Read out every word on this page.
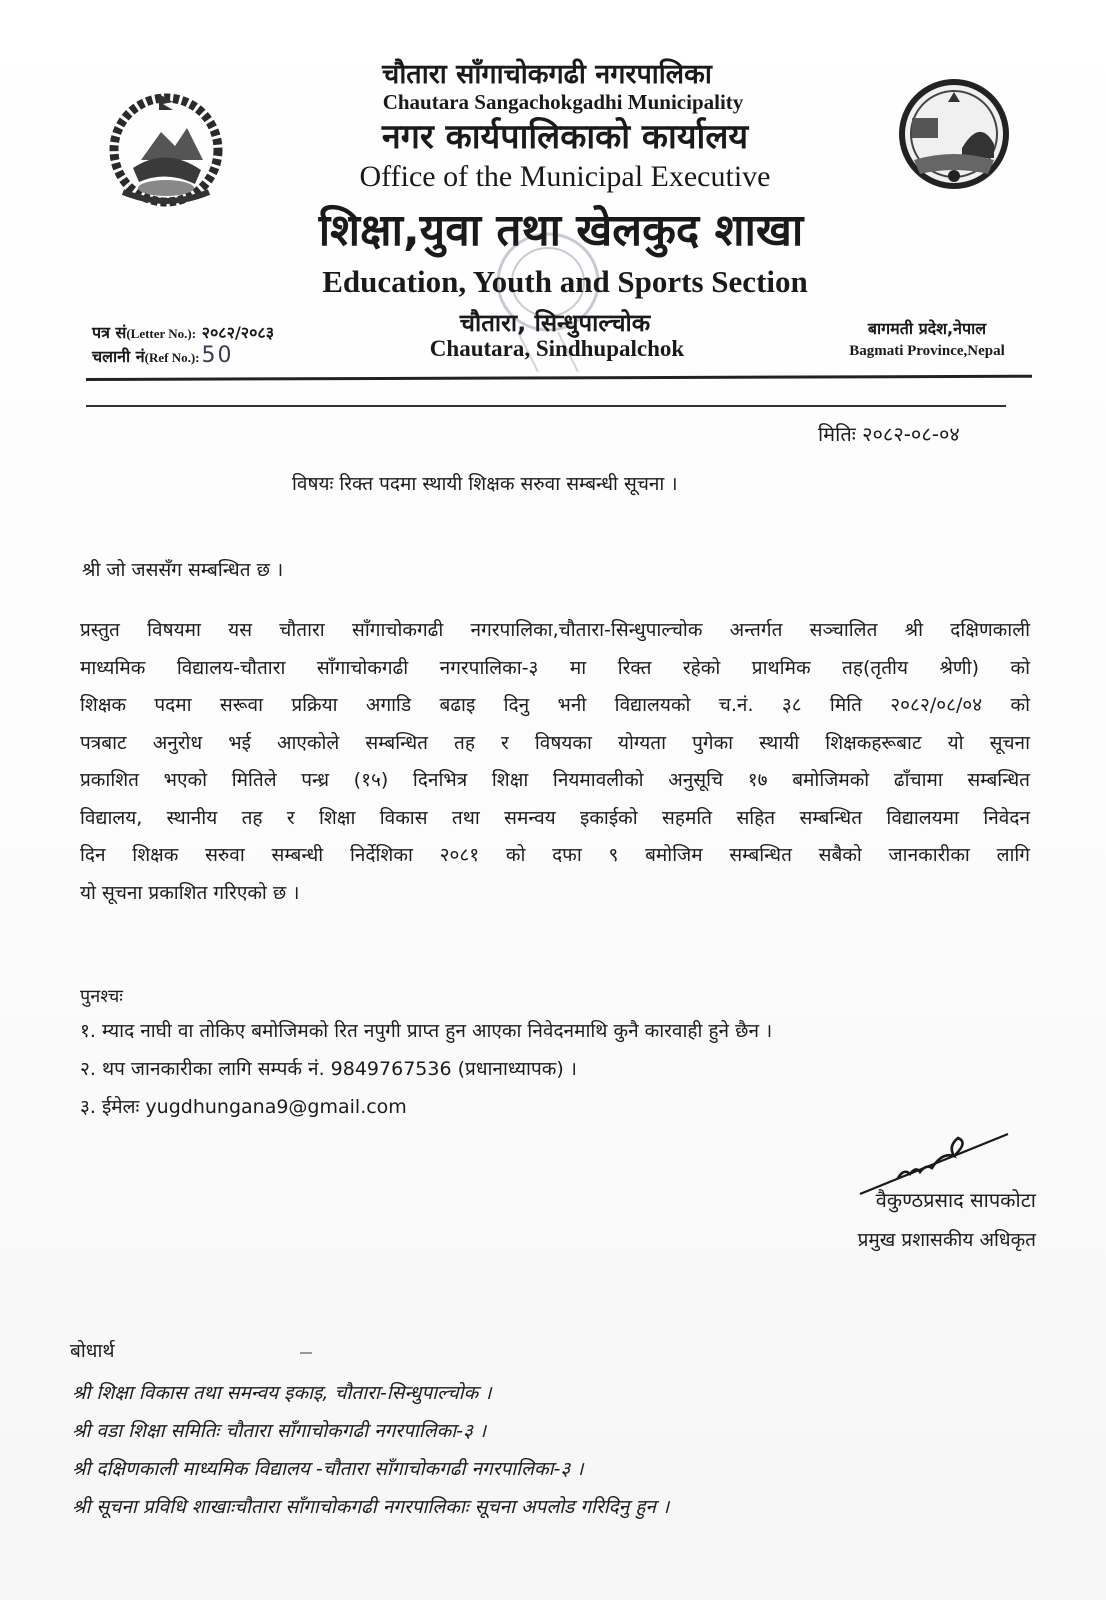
चौतारा साँगाचोकगढी नगरपालिका
Chautara Sangachokgadhi Municipality
नगर कार्यपालिकाको कार्यालय
Office of the Municipal Executive
शिक्षा,युवा तथा खेलकुद शाखा
Education, Youth and Sports Section
चौतारा, सिन्धुपाल्चोक
Chautara, Sindhupalchok
पत्र सं(Letter No.): २०८२/२०८३
चलानी नं(Ref No.):50
बागमती प्रदेश,नेपाल
Bagmati Province,Nepal
मितिः २०८२-०८-०४
विषयः रिक्त पदमा स्थायी शिक्षक सरुवा सम्बन्धी सूचना ।
श्री जो जससँग सम्बन्धित छ ।
प्रस्तुत विषयमा यस चौतारा साँगाचोकगढी नगरपालिका,चौतारा-सिन्धुपाल्चोक अन्तर्गत सञ्चालित श्री दक्षिणकाली
माध्यमिक विद्यालय-चौतारा साँगाचोकगढी नगरपालिका-३ मा रिक्त रहेको प्राथमिक तह(तृतीय श्रेणी) को
शिक्षक पदमा सरूवा प्रक्रिया अगाडि बढाइ दिनु भनी विद्यालयको च.नं. ३८ मिति २०८२/०८/०४ को
पत्रबाट अनुरोध भई आएकोले सम्बन्धित तह र विषयका योग्यता पुगेका स्थायी शिक्षकहरूबाट यो सूचना
प्रकाशित भएको मितिले पन्ध्र (१५) दिनभित्र शिक्षा नियमावलीको अनुसूचि १७ बमोजिमको ढाँचामा सम्बन्धित
विद्यालय, स्थानीय तह र शिक्षा विकास तथा समन्वय इकाईको सहमति सहित सम्बन्धित विद्यालयमा निवेदन
दिन शिक्षक सरुवा सम्बन्धी निर्देशिका २०८१ को दफा ९ बमोजिम सम्बन्धित सबैको जानकारीका लागि
यो सूचना प्रकाशित गरिएको छ ।
पुनश्चः
१. म्याद नाघी वा तोकिए बमोजिमको रित नपुगी प्राप्त हुन आएका निवेदनमाथि कुनै कारवाही हुने छैन ।
२. थप जानकारीका लागि सम्पर्क नं. 9849767536 (प्रधानाध्यापक) ।
३. ईमेलः yugdhungana9@gmail.com
वैकुण्ठप्रसाद सापकोटा
प्रमुख प्रशासकीय अधिकृत
बोधार्थ
श्री शिक्षा विकास तथा समन्वय इकाइ, चौतारा-सिन्धुपाल्चोक ।
श्री वडा शिक्षा समितिः चौतारा साँगाचोकगढी नगरपालिका-३ ।
श्री दक्षिणकाली माध्यमिक विद्यालय -चौतारा साँगाचोकगढी नगरपालिका-३ ।
श्री सूचना प्रविधि शाखाःचौतारा साँगाचोकगढी नगरपालिकाः सूचना अपलोड गरिदिनु हुन ।
